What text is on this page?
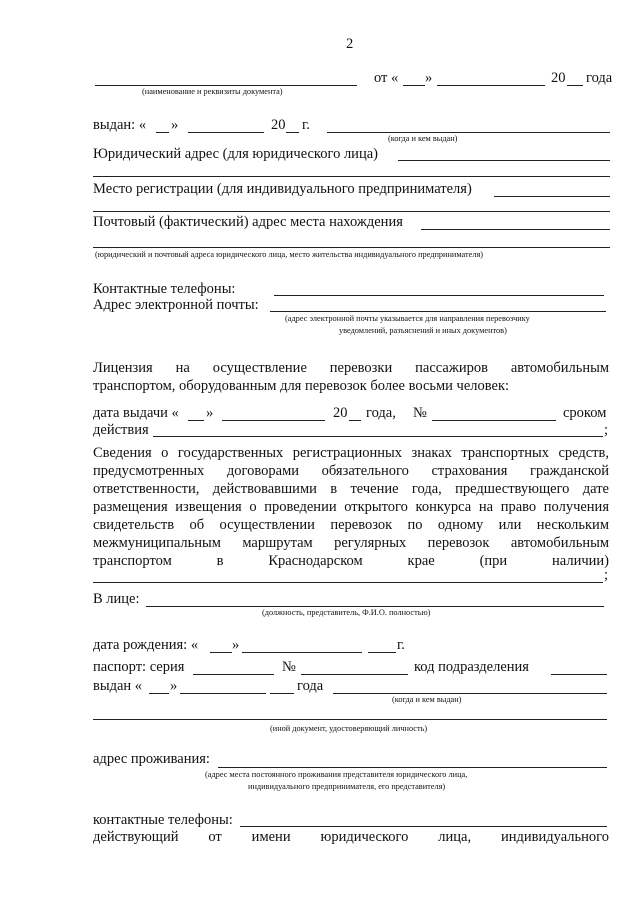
2
от « »	20 года
(наименование и реквизиты документа)
выдан: « »	20 г.
(когда и кем выдан)
Юридический адрес (для юридического лица)
Место регистрации (для индивидуального предпринимателя)
Почтовый (фактический) адрес места нахождения
(юридический и почтовый адреса юридического лица, место жительства индивидуального предпринимателя)
Контактные телефоны:
Адрес электронной почты:
(адрес электронной почты указывается для направления перевозчику
уведомлений, разъяснений и иных документов)
Лицензия на осуществление перевозки пассажиров автомобильным
транспортом, оборудованным для перевозок более восьми человек:
дата выдачи « »	20 года, №	сроком
действия	;
Сведения о государственных регистрационных знаках транспортных средств,
предусмотренных договорами обязательного страхования гражданской
ответственности, действовавшими в течение года, предшествующего дате
размещения извещения о проведении открытого конкурса на право получения
свидетельств об осуществлении перевозок по одному или нескольким
межмуниципальным маршрутам регулярных перевозок автомобильным
транспортом в Краснодарском крае (при наличии)
;
В лице:
(должность, представитель, Ф.И.О. полностью)
дата рождения: « »	г.
паспорт: серия	№	код подразделения
выдан « »	года
(когда и кем выдан)
(иной документ, удостоверяющий личность)
адрес проживания:
(адрес места постоянного проживания представителя юридического лица,
индивидуального предпринимателя, его представителя)
контактные телефоны:
действующий от имени юридического лица, индивидуального
